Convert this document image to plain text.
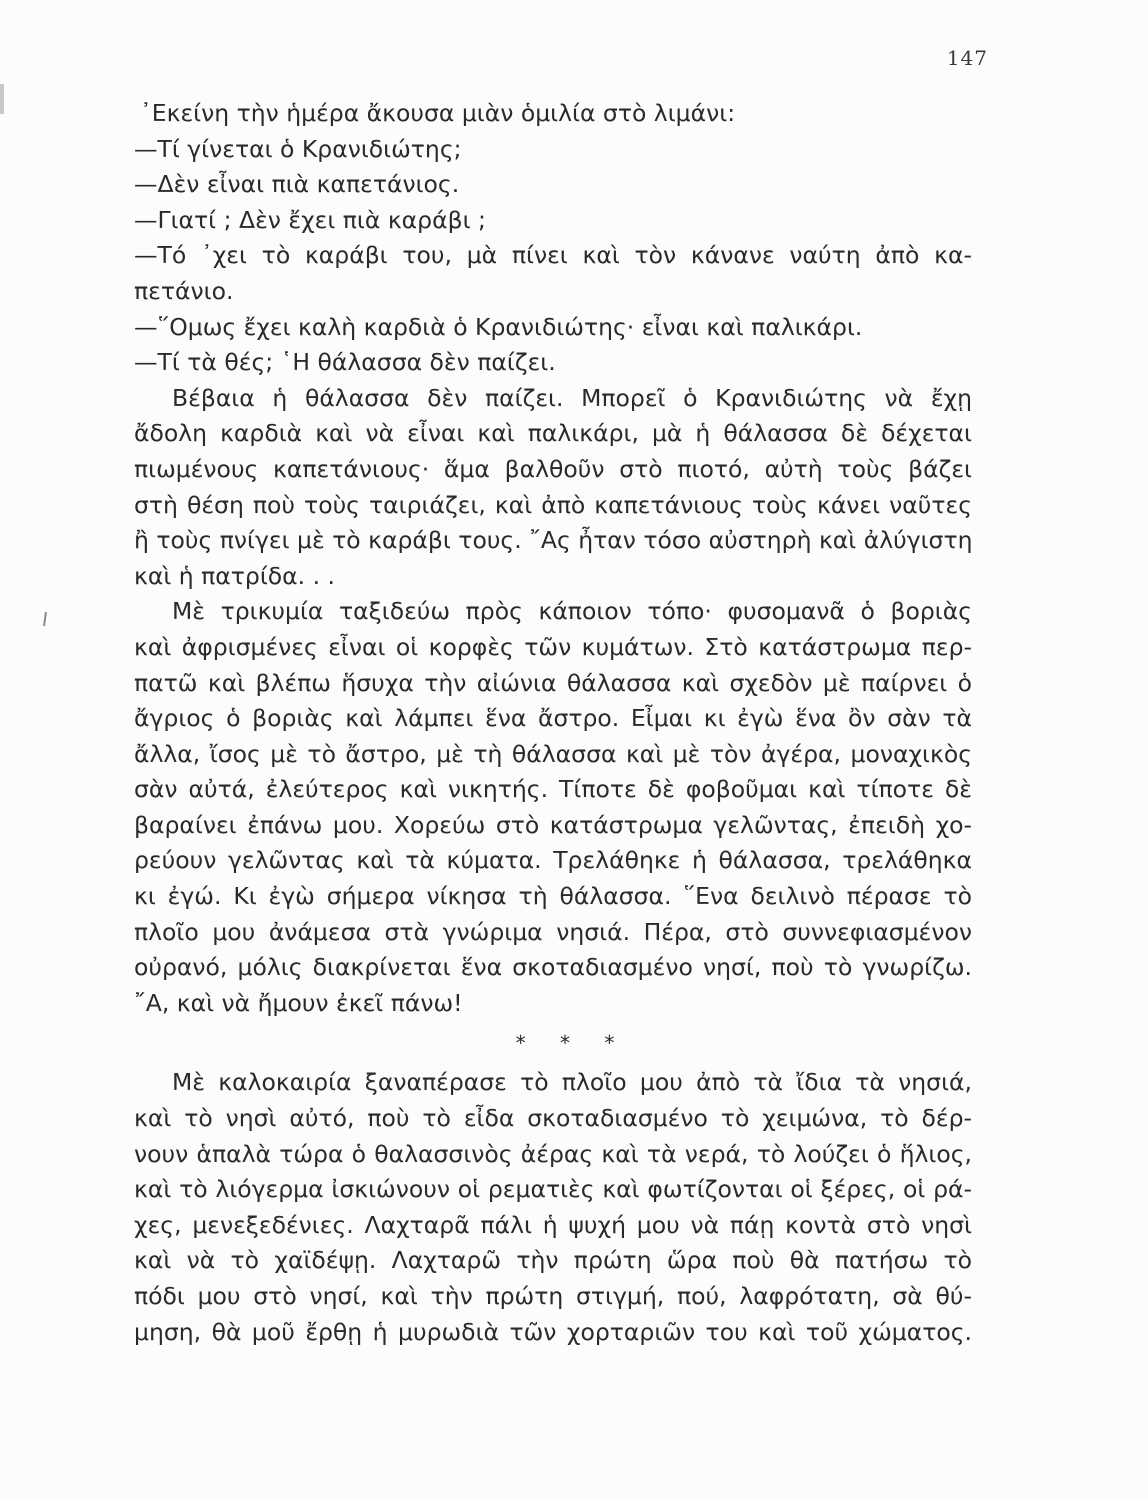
147
᾿Εκείνη τὴν ἡμέρα ἄκουσα μιὰν ὁμιλία στὸ λιμάνι:
—Τί γίνεται ὁ Κρανιδιώτης;
—Δὲν εἶναι πιὰ καπετάνιος.
—Γιατί ; Δὲν ἔχει πιὰ καράβι ;
—Τό ᾿χει τὸ καράβι του, μὰ πίνει καὶ τὸν κάνανε ναύτη ἀπὸ κα-
πετάνιο.
—῞Ομως ἔχει καλὴ καρδιὰ ὁ Κρανιδιώτης· εἶναι καὶ παλικάρι.
—Τί τὰ θές; ῾Η θάλασσα δὲν παίζει.
Βέβαια ἡ θάλασσα δὲν παίζει. Μπορεῖ ὁ Κρανιδιώτης νὰ ἔχῃ
ἄδολη καρδιὰ καὶ νὰ εἶναι καὶ παλικάρι, μὰ ἡ θάλασσα δὲ δέχεται
πιωμένους καπετάνιους· ἅμα βαλθοῦν στὸ πιοτό, αὐτὴ τοὺς βάζει
στὴ θέση ποὺ τοὺς ταιριάζει, καὶ ἀπὸ καπετάνιους τοὺς κάνει ναῦτες
ἢ τοὺς πνίγει μὲ τὸ καράβι τους. ῎Ας ἦταν τόσο αὐστηρὴ καὶ ἀλύγιστη
καὶ ἡ πατρίδα. . .
Μὲ τρικυμία ταξιδεύω πρὸς κάποιον τόπο· φυσομανᾶ ὁ βοριὰς
καὶ ἀφρισμένες εἶναι οἱ κορφὲς τῶν κυμάτων. Στὸ κατάστρωμα περ-
πατῶ καὶ βλέπω ἥσυχα τὴν αἰώνια θάλασσα καὶ σχεδὸν μὲ παίρνει ὁ
ἄγριος ὁ βοριὰς καὶ λάμπει ἕνα ἄστρο. Εἶμαι κι ἐγὼ ἕνα ὂν σὰν τὰ
ἄλλα, ἴσος μὲ τὸ ἄστρο, μὲ τὴ θάλασσα καὶ μὲ τὸν ἀγέρα, μοναχικὸς
σὰν αὐτά, ἐλεύτερος καὶ νικητής. Τίποτε δὲ φοβοῦμαι καὶ τίποτε δὲ
βαραίνει ἐπάνω μου. Χορεύω στὸ κατάστρωμα γελῶντας, ἐπειδὴ χο-
ρεύουν γελῶντας καὶ τὰ κύματα. Τρελάθηκε ἡ θάλασσα, τρελάθηκα
κι ἐγώ. Κι ἐγὼ σήμερα νίκησα τὴ θάλασσα. ῞Ενα δειλινὸ πέρασε τὸ
πλοῖο μου ἀνάμεσα στὰ γνώριμα νησιά. Πέρα, στὸ συννεφιασμένον
οὐρανό, μόλις διακρίνεται ἕνα σκοταδιασμένο νησί, ποὺ τὸ γνωρίζω.
῎Α, καὶ νὰ ἤμουν ἐκεῖ πάνω!
* * *
Μὲ καλοκαιρία ξαναπέρασε τὸ πλοῖο μου ἀπὸ τὰ ἴδια τὰ νησιά,
καὶ τὸ νησὶ αὐτό, ποὺ τὸ εἶδα σκοταδιασμένο τὸ χειμώνα, τὸ δέρ-
νουν ἁπαλὰ τώρα ὁ θαλασσινὸς ἀέρας καὶ τὰ νερά, τὸ λούζει ὁ ἥλιος,
καὶ τὸ λιόγερμα ἰσκιώνουν οἱ ρεματιὲς καὶ φωτίζονται οἱ ξέρες, οἱ ρά-
χες, μενεξεδένιες. Λαχταρᾶ πάλι ἡ ψυχή μου νὰ πάῃ κοντὰ στὸ νησὶ
καὶ νὰ τὸ χαϊδέψῃ. Λαχταρῶ τὴν πρώτη ὥρα ποὺ θὰ πατήσω τὸ
πόδι μου στὸ νησί, καὶ τὴν πρώτη στιγμή, πού, λαφρότατη, σὰ θύ-
μηση, θὰ μοῦ ἔρθῃ ἡ μυρωδιὰ τῶν χορταριῶν του καὶ τοῦ χώματος.
